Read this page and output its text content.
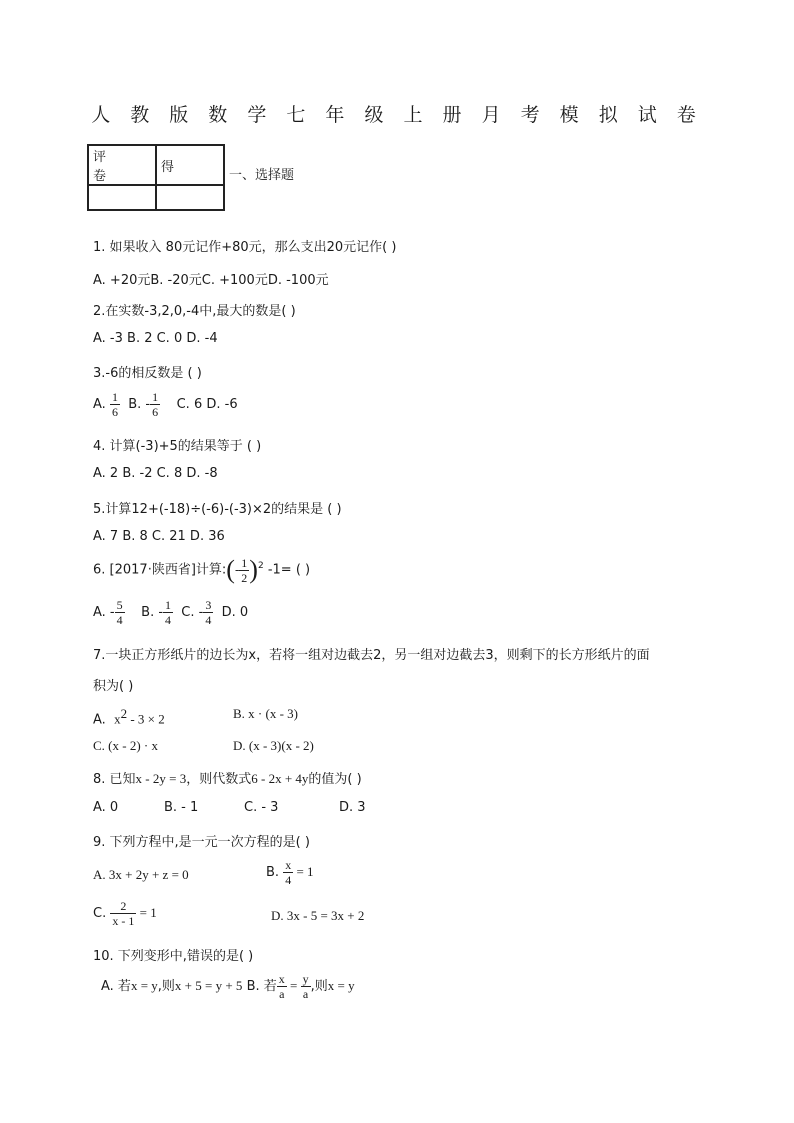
人 教 版 数 学 七 年 级 上 册 月 考 模 拟 试 卷
评 卷	得

一、选择题
1. 如果收入 80元记作+80元，那么支出20元记作( )
A. +20元B. -20元C. +100元D. -100元
2.在实数-3,2,0,-4中,最大的数是( )
A. -3 B. 2 C. 0 D. -4
3.-6的相反数是 ( )
A. $\frac{1}{6} B$. - $\frac{1}{6} C$. 6 D. -6
4. 计算(-3)+5的结果等于 ( )
A. 2 B. -2 C. 8 D. -8
5.计算12+(-18)÷(-6)-(-3)×2的结果是 ( )
A. 7 B. 8 C. 21 D. 36
6. [2017·陕西省]计算:(- $\frac{1}{2} )^2$ -1= ( )
A. - $\frac{5}{4} B$. - $\frac{1}{4} C$. - $\frac{3}{4} D$. 0
7.一块正方形纸片的边长为x，若将一组对边截去2，另一组对边截去3，则剩下的长方形纸片的面
积为( )
A. $x^2 - 3 \times 2$	B. x · (x - 3)
C. (x - 2) · x	D. (x - 3)(x - 2)
8. 已知x - 2y = 3，则代数式6 - 2x + 4y的值为( )
A. 0	B. - 1	C. - 3	D. 3
9. 下列方程中,是一元一次方程的是( )
A. 3x + 2y + z = 0	B. $\frac{x}{4} = 1$
C. $\frac{2}{x - 1} = 1$	D. 3x - 5 = 3x + 2
10. 下列变形中,错误的是( )
A. 若x = y,则x + 5 = y + 5 B. 若 $\frac{x}{a} = \frac{y}{a}$ ,则x = y
